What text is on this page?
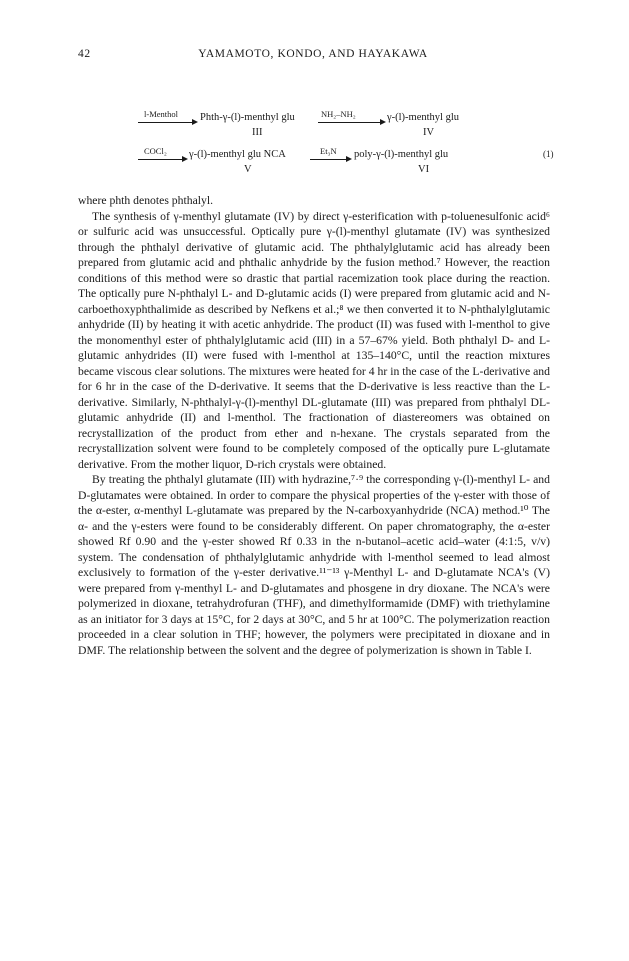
42	YAMAMOTO, KONDO, AND HAYAKAWA
l-Menthol Phth-γ-(l)-menthyl glu	NH₂–NH₂	γ-(l)-menthyl glu
III	IV
COCl₂ γ-(l)-menthyl glu NCA	Et₃N poly-γ-(l)-menthyl glu	(1)
V	VI

where phth denotes phthalyl.

The synthesis of γ-menthyl glutamate (IV) by direct γ-esterification with p-toluenesulfonic acid⁶ or sulfuric acid was unsuccessful. Optically pure γ-(l)-menthyl glutamate (IV) was synthesized through the phthalyl derivative of glutamic acid. The phthalylglutamic acid has already been prepared from glutamic acid and phthalic anhydride by the fusion method.⁷ However, the reaction conditions of this method were so drastic that partial racemization took place during the reaction. The optically pure N-phthalyl L- and D-glutamic acids (I) were prepared from glutamic acid and N-carboethoxyphthalimide as described by Nefkens et al.;⁸ we then converted it to N-phthalylglutamic anhydride (II) by heating it with acetic anhydride. The product (II) was fused with l-menthol to give the monomenthyl ester of phthalylglutamic acid (III) in a 57–67% yield. Both phthalyl D- and L-glutamic anhydrides (II) were fused with l-menthol at 135–140°C, until the reaction mixtures became viscous clear solutions. The mixtures were heated for 4 hr in the case of the L-derivative and for 6 hr in the case of the D-derivative. It seems that the D-derivative is less reactive than the L-derivative. Similarly, N-phthalyl-γ-(l)-menthyl DL-glutamate (III) was prepared from phthalyl DL-glutamic anhydride (II) and l-menthol. The fractionation of diastereomers was obtained on recrystallization of the product from ether and n-hexane. The crystals separated from the recrystallization solvent were found to be completely composed of the optically pure L-glutamate derivative. From the mother liquor, D-rich crystals were obtained.

By treating the phthalyl glutamate (III) with hydrazine,⁷·⁹ the corresponding γ-(l)-menthyl L- and D-glutamates were obtained. In order to compare the physical properties of the γ-ester with those of the α-ester, α-menthyl L-glutamate was prepared by the N-carboxyanhydride (NCA) method.¹⁰ The α- and the γ-esters were found to be considerably different. On paper chromatography, the α-ester showed Rf 0.90 and the γ-ester showed Rf 0.33 in the n-butanol–acetic acid–water (4:1:5, v/v) system. The condensation of phthalylglutamic anhydride with l-menthol seemed to lead almost exclusively to formation of the γ-ester derivative.¹¹⁻¹³ γ-Menthyl L- and D-glutamate NCA's (V) were prepared from γ-menthyl L- and D-glutamates and phosgene in dry dioxane. The NCA's were polymerized in dioxane, tetrahydrofuran (THF), and dimethylformamide (DMF) with triethylamine as an initiator for 3 days at 15°C, for 2 days at 30°C, and 5 hr at 100°C. The polymerization reaction proceeded in a clear solution in THF; however, the polymers were precipitated in dioxane and in DMF. The relationship between the solvent and the degree of polymerization is shown in Table I.
